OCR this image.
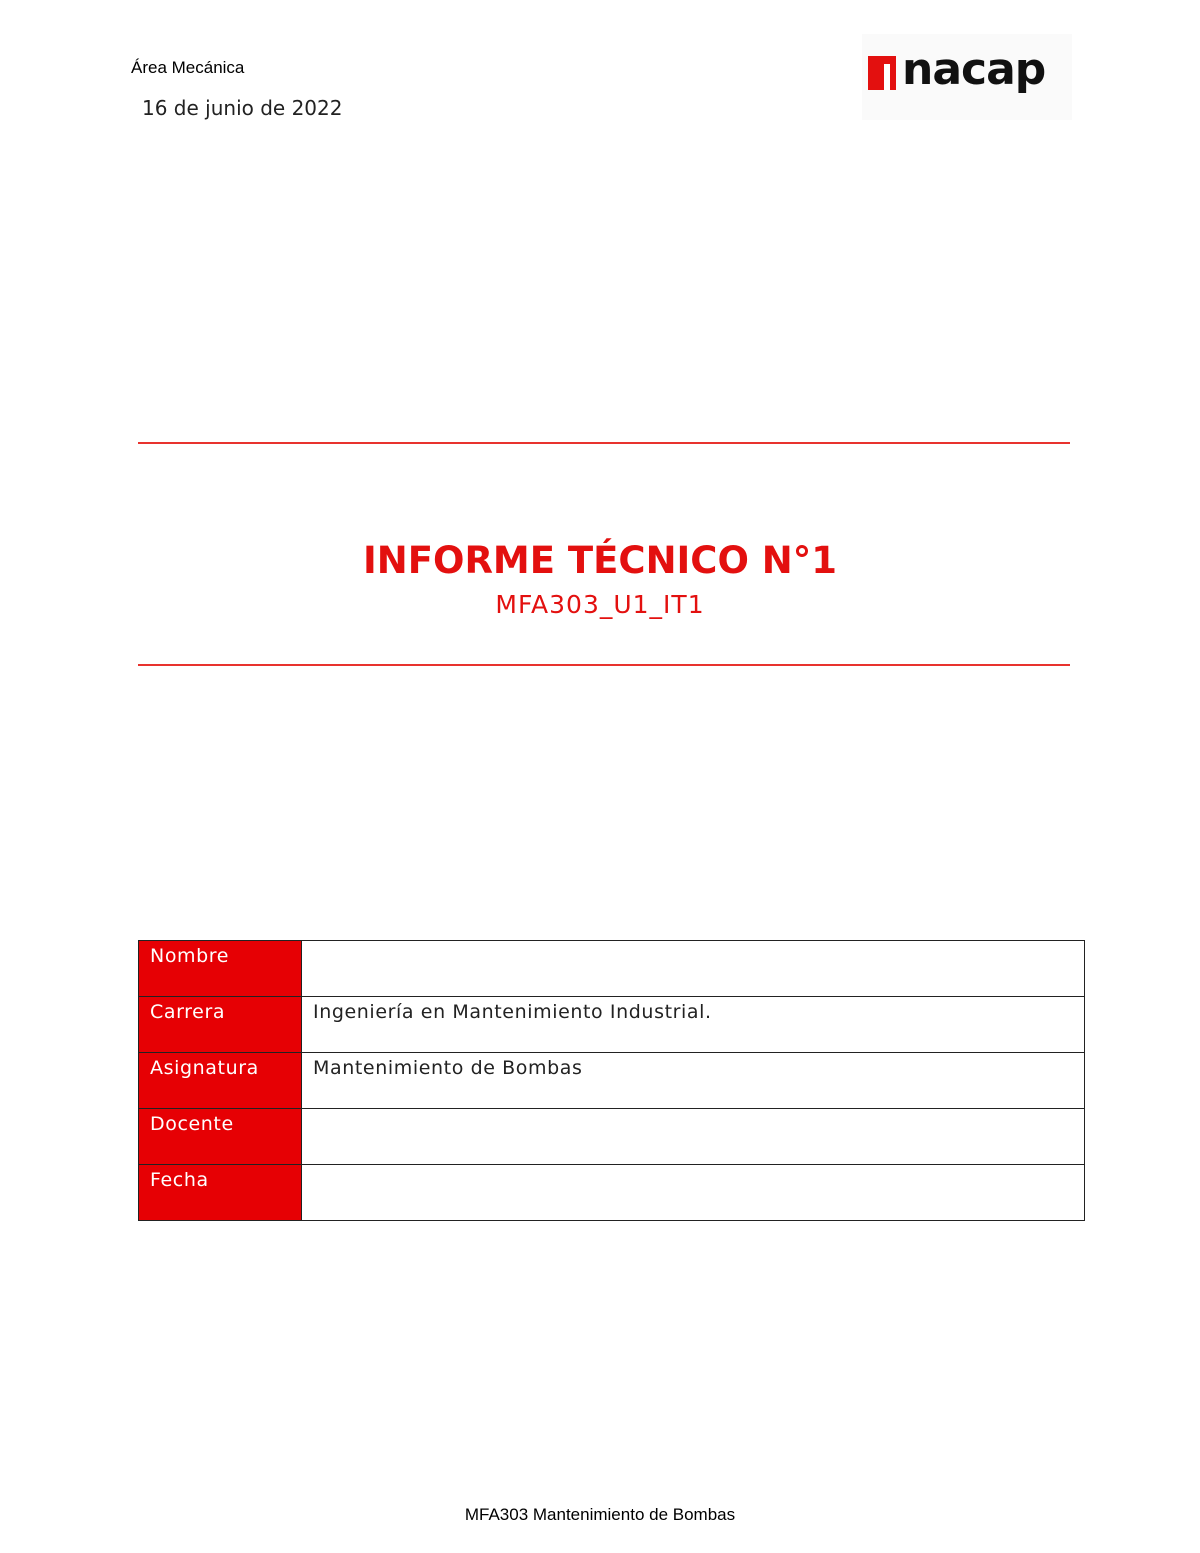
Área Mecánica
16 de junio de 2022
nacap
INFORME TÉCNICO N°1
MFA303_U1_IT1
Nombre	
Carrera	Ingeniería en Mantenimiento Industrial.
Asignatura	Mantenimiento de Bombas
Docente	
Fecha	
MFA303 Mantenimiento de Bombas
